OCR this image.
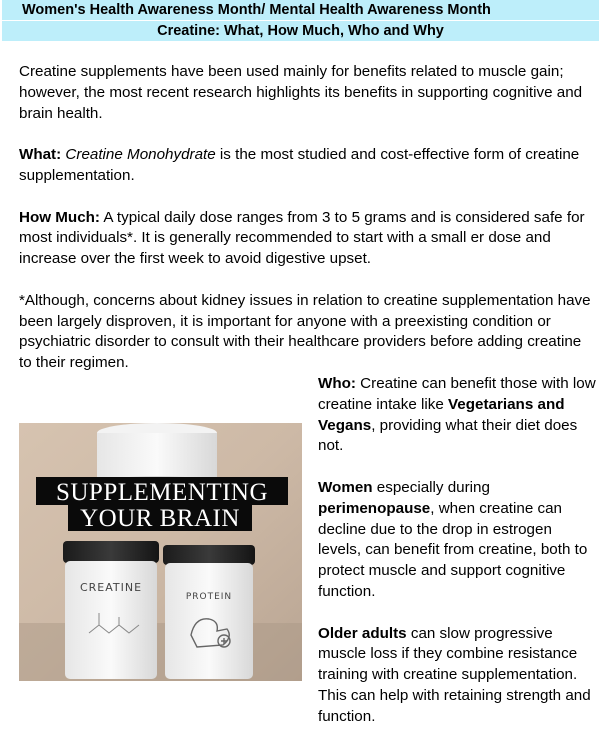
Women's Health Awareness Month/ Mental Health Awareness Month
Creatine: What, How Much, Who and Why

Creatine supplements have been used mainly for benefits related to muscle gain; however, the most recent research highlights its benefits in supporting cognitive and brain health.

What: Creatine Monohydrate is the most studied and cost-effective form of creatine supplementation.

How Much: A typical daily dose ranges from 3 to 5 grams and is considered safe for most individuals*. It is generally recommended to start with a small er dose and increase over the first week to avoid digestive upset.

*Although, concerns about kidney issues in relation to creatine supplementation have been largely disproven, it is important for anyone with a preexisting condition or psychiatric disorder to consult with their healthcare providers before adding creatine to their regimen.

CREATINE
PROTEIN
SUPPLEMENTING
YOUR BRAIN

Who: Creatine can benefit those with low creatine intake like Vegetarians and Vegans, providing what their diet does not.

Women especially during perimenopause, when creatine can decline due to the drop in estrogen levels, can benefit from creatine, both to protect muscle and support cognitive function.

Older adults can slow progressive muscle loss if they combine resistance training with creatine supplementation. This can help with retaining strength and function.
